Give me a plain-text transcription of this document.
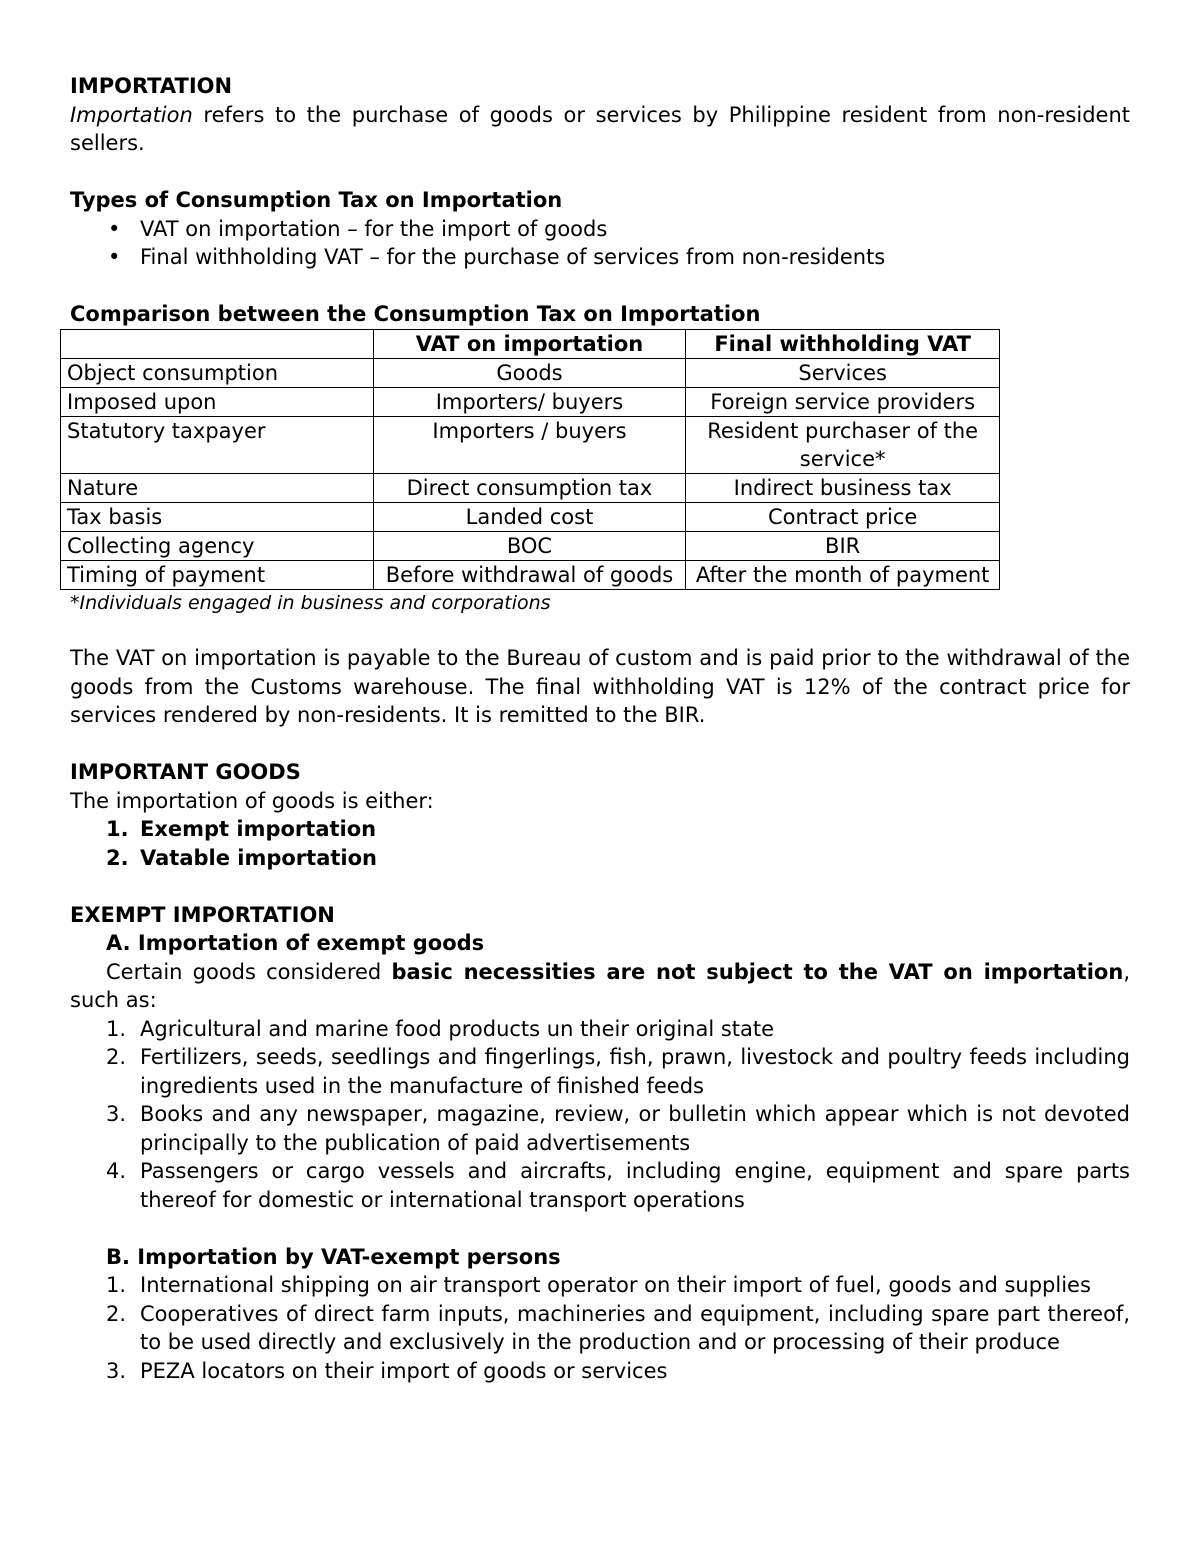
IMPORTATION

Importation refers to the purchase of goods or services by Philippine resident from non-resident sellers.

Types of Consumption Tax on Importation

• VAT on importation – for the import of goods
• Final withholding VAT – for the purchase of services from non-residents

Comparison between the Consumption Tax on Importation

	VAT on importation	Final withholding VAT
Object consumption	Goods	Services
Imposed upon	Importers/ buyers	Foreign service providers
Statutory taxpayer	Importers / buyers	Resident purchaser of the service*
Nature	Direct consumption tax	Indirect business tax
Tax basis	Landed cost	Contract price
Collecting agency	BOC	BIR
Timing of payment	Before withdrawal of goods	After the month of payment

*Individuals engaged in business and corporations

The VAT on importation is payable to the Bureau of custom and is paid prior to the withdrawal of the goods from the Customs warehouse. The final withholding VAT is 12% of the contract price for services rendered by non-residents. It is remitted to the BIR.

IMPORTANT GOODS

The importation of goods is either:

1. Exempt importation
2. Vatable importation

EXEMPT IMPORTATION

A. Importation of exempt goods

Certain goods considered basic necessities are not subject to the VAT on importation, such as:

1. Agricultural and marine food products un their original state
2. Fertilizers, seeds, seedlings and fingerlings, fish, prawn, livestock and poultry feeds including ingredients used in the manufacture of finished feeds
3. Books and any newspaper, magazine, review, or bulletin which appear which is not devoted principally to the publication of paid advertisements
4. Passengers or cargo vessels and aircrafts, including engine, equipment and spare parts thereof for domestic or international transport operations

B. Importation by VAT-exempt persons

1. International shipping on air transport operator on their import of fuel, goods and supplies
2. Cooperatives of direct farm inputs, machineries and equipment, including spare part thereof, to be used directly and exclusively in the production and or processing of their produce
3. PEZA locators on their import of goods or services
